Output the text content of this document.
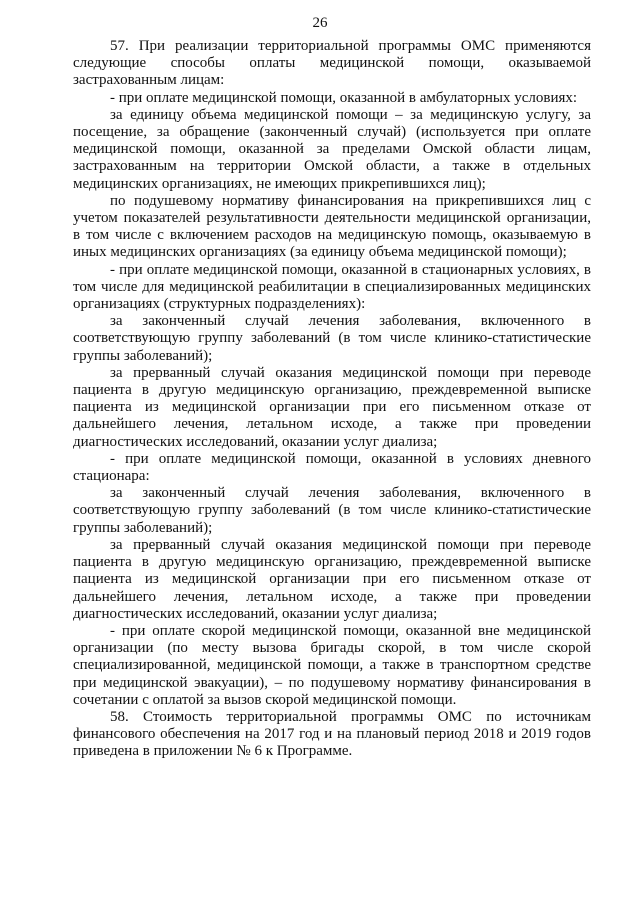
26

57. При реализации территориальной программы ОМС применяются следующие способы оплаты медицинской помощи, оказываемой застрахованным лицам:

- при оплате медицинской помощи, оказанной в амбулаторных условиях:

за единицу объема медицинской помощи – за медицинскую услугу, за посещение, за обращение (законченный случай) (используется при оплате медицинской помощи, оказанной за пределами Омской области лицам, застрахованным на территории Омской области, а также в отдельных медицинских организациях, не имеющих прикрепившихся лиц);

по подушевому нормативу финансирования на прикрепившихся лиц с учетом показателей результативности деятельности медицинской организации, в том числе с включением расходов на медицинскую помощь, оказываемую в иных медицинских организациях (за единицу объема медицинской помощи);

- при оплате медицинской помощи, оказанной в стационарных условиях, в том числе для медицинской реабилитации в специализированных медицинских организациях (структурных подразделениях):

за законченный случай лечения заболевания, включенного в соответствующую группу заболеваний (в том числе клинико-статистические группы заболеваний);

за прерванный случай оказания медицинской помощи при переводе пациента в другую медицинскую организацию, преждевременной выписке пациента из медицинской организации при его письменном отказе от дальнейшего лечения, летальном исходе, а также при проведении диагностических исследований, оказании услуг диализа;

- при оплате медицинской помощи, оказанной в условиях дневного стационара:

за законченный случай лечения заболевания, включенного в соответствующую группу заболеваний (в том числе клинико-статистические группы заболеваний);

за прерванный случай оказания медицинской помощи при переводе пациента в другую медицинскую организацию, преждевременной выписке пациента из медицинской организации при его письменном отказе от дальнейшего лечения, летальном исходе, а также при проведении диагностических исследований, оказании услуг диализа;

- при оплате скорой медицинской помощи, оказанной вне медицинской организации (по месту вызова бригады скорой, в том числе скорой специализированной, медицинской помощи, а также в транспортном средстве при медицинской эвакуации), – по подушевому нормативу финансирования в сочетании с оплатой за вызов скорой медицинской помощи.

58. Стоимость территориальной программы ОМС по источникам финансового обеспечения на 2017 год и на плановый период 2018 и 2019 годов приведена в приложении № 6 к Программе.
